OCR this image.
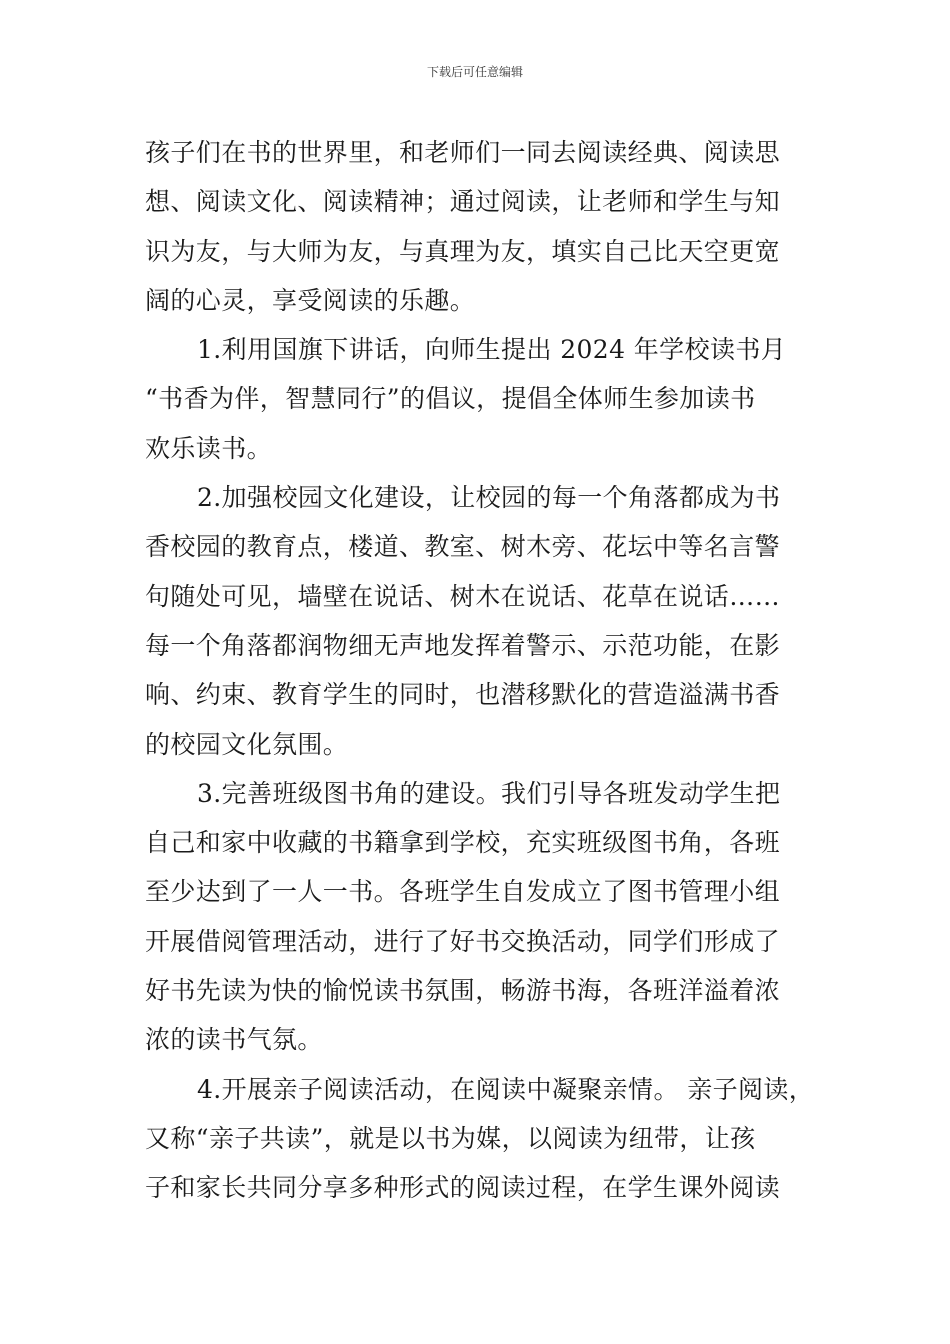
下载后可任意编辑
孩子们在书的世界里，和老师们一同去阅读经典、阅读思
想、阅读文化、阅读精神；通过阅读，让老师和学生与知
识为友，与大师为友，与真理为友，填实自己比天空更宽
阔的心灵，享受阅读的乐趣。
1.利用国旗下讲话，向师生提出 2024 年学校读书月
“书香为伴，智慧同行”的倡议，提倡全体师生参加读书
欢乐读书。
2.加强校园文化建设，让校园的每一个角落都成为书
香校园的教育点，楼道、教室、树木旁、花坛中等名言警
句随处可见，墙壁在说话、树木在说话、花草在说话……
每一个角落都润物细无声地发挥着警示、示范功能，在影
响、约束、教育学生的同时，也潜移默化的营造溢满书香
的校园文化氛围。
3.完善班级图书角的建设。我们引导各班发动学生把
自己和家中收藏的书籍拿到学校，充实班级图书角，各班
至少达到了一人一书。各班学生自发成立了图书管理小组
开展借阅管理活动，进行了好书交换活动，同学们形成了
好书先读为快的愉悦读书氛围，畅游书海，各班洋溢着浓
浓的读书气氛。
4.开展亲子阅读活动，在阅读中凝聚亲情。 亲子阅读，
又称“亲子共读”，就是以书为媒，以阅读为纽带，让孩
子和家长共同分享多种形式的阅读过程，在学生课外阅读
